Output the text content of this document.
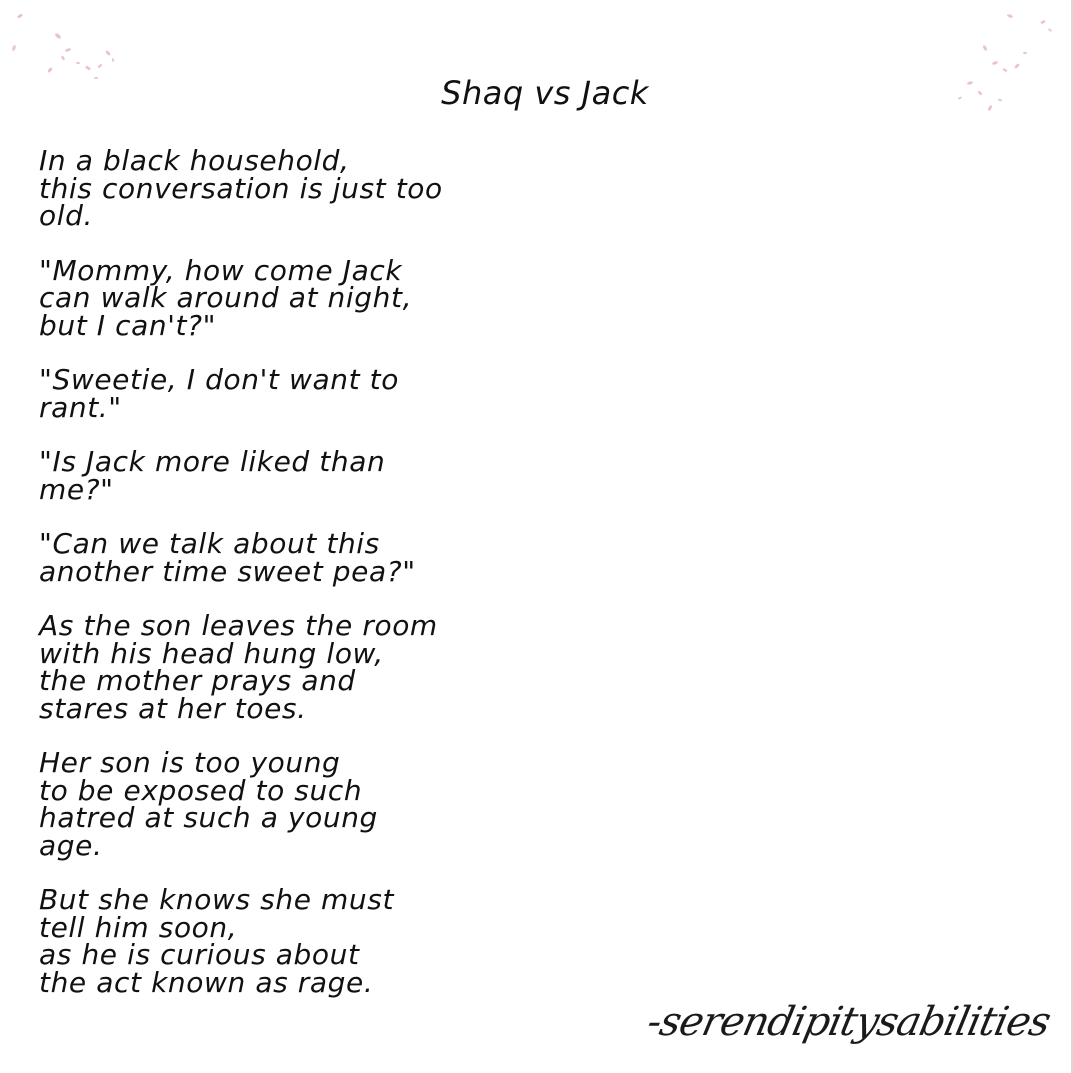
Shaq vs Jack

In a black household,
this conversation is just too
old.

"Mommy, how come Jack
can walk around at night,
but I can't?"

"Sweetie, I don't want to
rant."

"Is Jack more liked than
me?"

"Can we talk about this
another time sweet pea?"

As the son leaves the room
with his head hung low,
the mother prays and
stares at her toes.

Her son is too young
to be exposed to such
hatred at such a young
age.

But she knows she must
tell him soon,
as he is curious about
the act known as rage.

-serendipitysabilities
